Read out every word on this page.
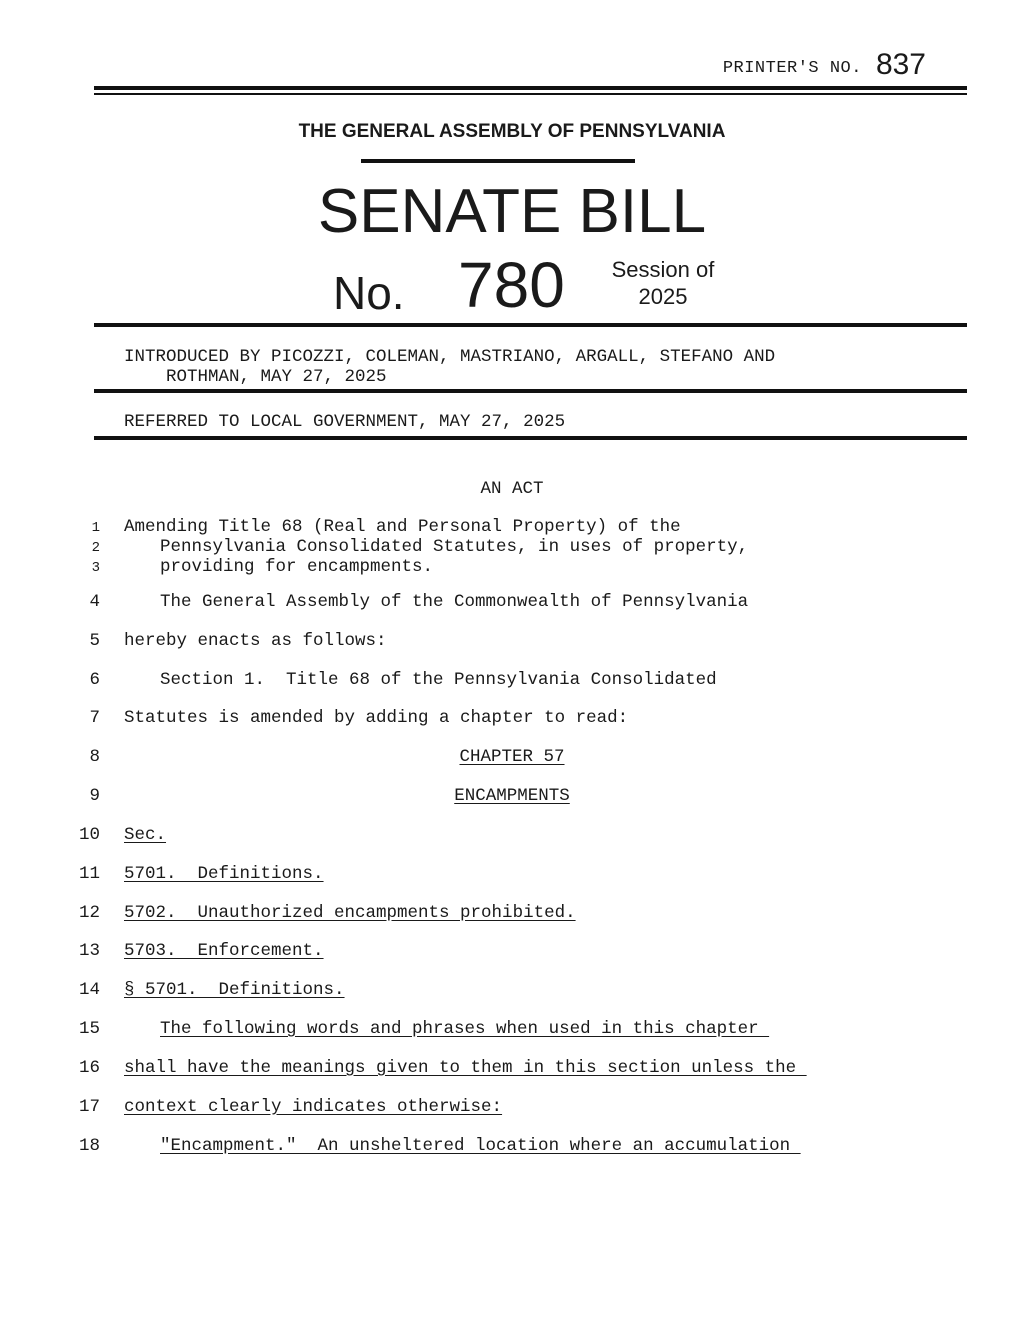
PRINTER'S NO. 837
THE GENERAL ASSEMBLY OF PENNSYLVANIA
SENATE BILL
No. 780	Session of
2025
INTRODUCED BY PICOZZI, COLEMAN, MASTRIANO, ARGALL, STEFANO AND
ROTHMAN, MAY 27, 2025
REFERRED TO LOCAL GOVERNMENT, MAY 27, 2025
AN ACT
1
2
3
Amending Title 68 (Real and Personal Property) of the
Pennsylvania Consolidated Statutes, in uses of property,
providing for encampments.
4	The General Assembly of the Commonwealth of Pennsylvania
5 hereby enacts as follows:
6	Section 1.  Title 68 of the Pennsylvania Consolidated
7 Statutes is amended by adding a chapter to read:
8	CHAPTER 57
9	ENCAMPMENTS
10 Sec.
11 5701.  Definitions.
12 5702.  Unauthorized encampments prohibited.
13 5703.  Enforcement.
14 § 5701.  Definitions.
15	The following words and phrases when used in this chapter
16 shall have the meanings given to them in this section unless the
17 context clearly indicates otherwise:
18	"Encampment."  An unsheltered location where an accumulation
